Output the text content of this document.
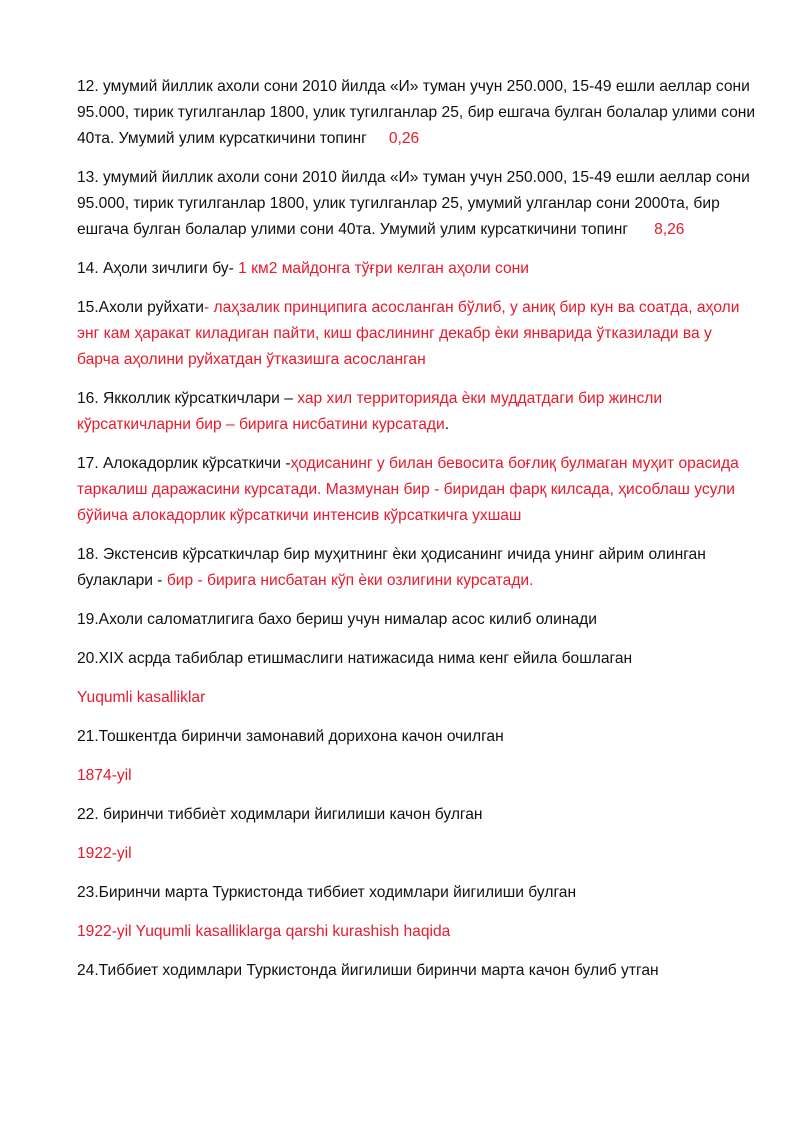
12. умумий йиллик ахоли сони 2010 йилда «И» туман учун 250.000, 15-49 ешли аеллар сони 95.000, тирик тугилганлар 1800, улик тугилганлар 25, бир ешгача булган болалар улими сони 40та. Умумий улим курсаткичини топинг 0,26

13. умумий йиллик ахоли сони 2010 йилда «И» туман учун 250.000, 15-49 ешли аеллар сони 95.000, тирик тугилганлар 1800, улик тугилганлар 25, умумий улганлар сони 2000та, бир ешгача булган болалар улими сони 40та. Умумий улим курсаткичини топинг 8,26

14. Аҳоли зичлиги бу- 1 км2 майдонга тўғри келган аҳоли сони

15.Ахоли руйхати- лаҳзалик принципига асосланган бўлиб, у аниқ бир кун ва соатда, аҳоли энг кам ҳаракат киладиган пайти, киш фаслининг декабр ѐки январида ўтказилади ва у барча аҳолини руйхатдан ўтказишга асосланган

16. Якколлик кўрсаткичлари – хар хил территорияда ѐки муддатдаги бир жинсли кўрсаткичларни бир – бирига нисбатини курсатади.

17. Алокадорлик кўрсаткичи -ҳодисанинг у билан бевосита боғлиқ булмаган муҳит орасида таркалиш даражасини курсатади. Мазмунан бир - биридан фарқ килсада, ҳисоблаш усули бўйича алокадорлик кўрсаткичи интенсив кўрсаткичга ухшаш

18. Экстенсив кўрсаткичлар бир муҳитнинг ѐки ҳодисанинг ичида унинг айрим олинган булаклари - бир - бирига нисбатан кўп ѐки озлигини курсатади.

19.Ахоли саломатлигига бахо бериш учун нималар асос килиб олинади

20.XIX асрда табиблар етишмаслиги натижасида нима кенг ейила бошлаган

Yuqumli kasalliklar

21.Тошкентда биринчи замонавий дорихона качон очилган

1874-yil

22. биринчи тиббиѐт ходимлари йигилиши качон булган

1922-yil

23.Биринчи марта Туркистонда тиббиет ходимлари йигилиши булган

1922-yil Yuqumli kasalliklarga qarshi kurashish haqida

24.Тиббиет ходимлари Туркистонда йигилиши биринчи марта качон булиб утган
